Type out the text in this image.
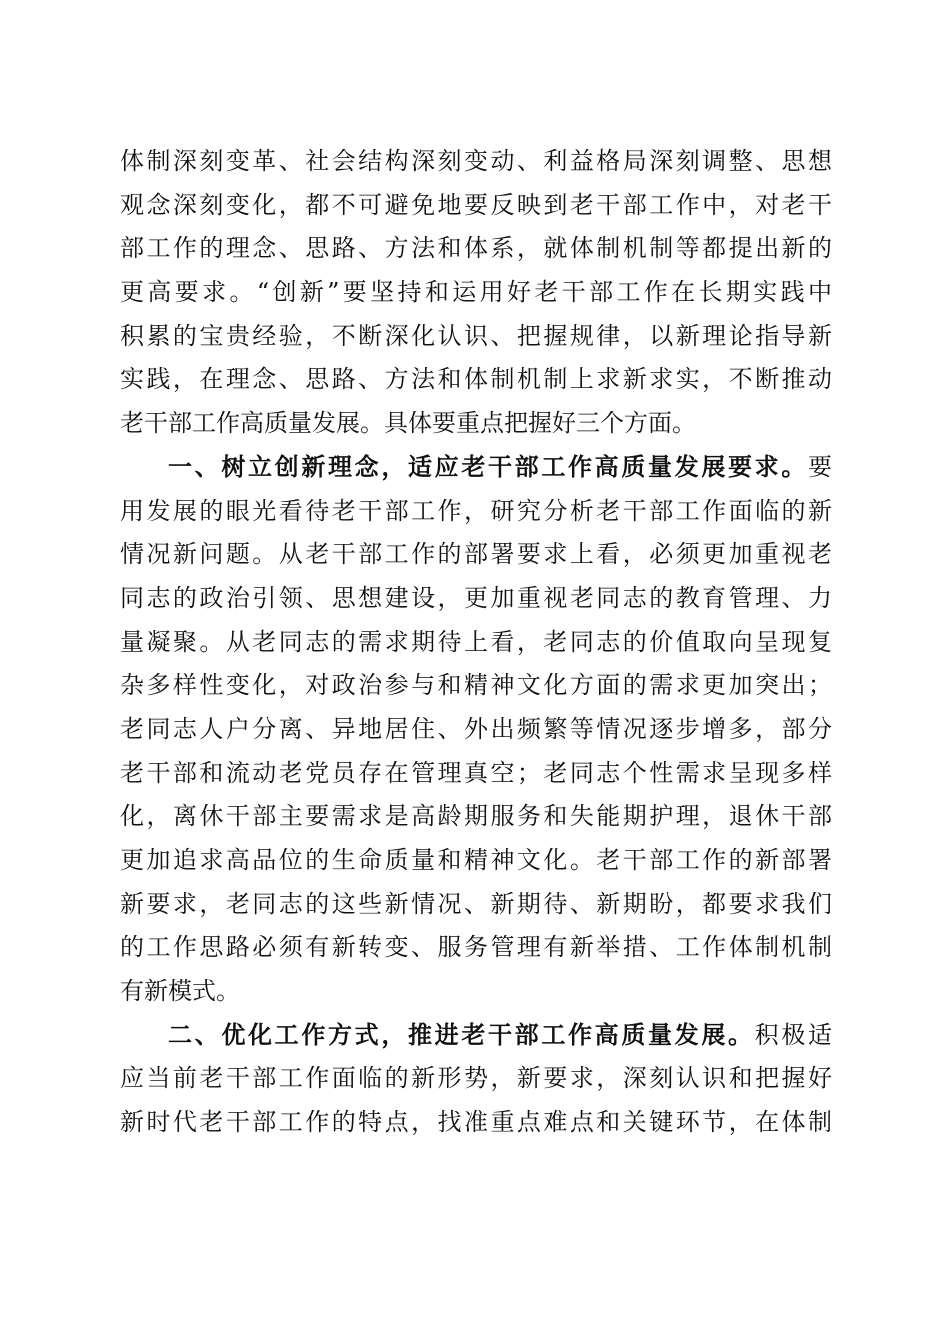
体制深刻变革、社会结构深刻变动、利益格局深刻调整、思想
观念深刻变化，都不可避免地要反映到老干部工作中，对老干
部工作的理念、思路、方法和体系，就体制机制等都提出新的
更高要求。“创新”要坚持和运用好老干部工作在长期实践中
积累的宝贵经验，不断深化认识、把握规律，以新理论指导新
实践，在理念、思路、方法和体制机制上求新求实，不断推动
老干部工作高质量发展。具体要重点把握好三个方面。
一、树立创新理念，适应老干部工作高质量发展要求。要
用发展的眼光看待老干部工作，研究分析老干部工作面临的新
情况新问题。从老干部工作的部署要求上看，必须更加重视老
同志的政治引领、思想建设，更加重视老同志的教育管理、力
量凝聚。从老同志的需求期待上看，老同志的价值取向呈现复
杂多样性变化，对政治参与和精神文化方面的需求更加突出；
老同志人户分离、异地居住、外出频繁等情况逐步增多，部分
老干部和流动老党员存在管理真空；老同志个性需求呈现多样
化，离休干部主要需求是高龄期服务和失能期护理，退休干部
更加追求高品位的生命质量和精神文化。老干部工作的新部署
新要求，老同志的这些新情况、新期待、新期盼，都要求我们
的工作思路必须有新转变、服务管理有新举措、工作体制机制
有新模式。
二、优化工作方式，推进老干部工作高质量发展。积极适
应当前老干部工作面临的新形势，新要求，深刻认识和把握好
新时代老干部工作的特点，找准重点难点和关键环节，在体制
